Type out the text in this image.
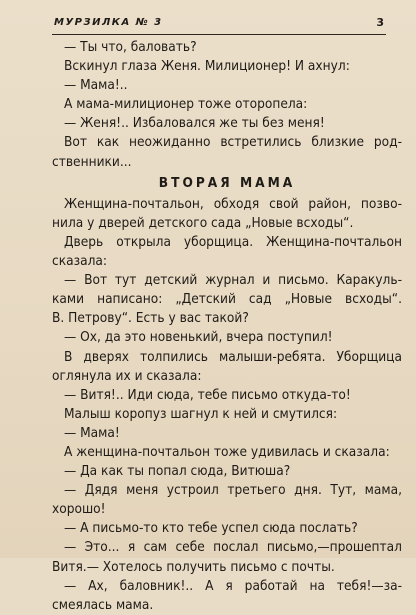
МУРЗИЛКА № 3	3
— Ты что, баловать?
Вскинул глаза Женя. Милиционер! И ахнул:
— Мама!..
А мама-милиционер тоже оторопела:
— Женя!.. Избаловался же ты без меня!
Вот как неожиданно встретились близкие род-
ственники...
ВТОРАЯ МАМА
Женщина-почтальон, обходя свой район, позво-
нила у дверей детского сада „Новые всходы“.
Дверь открыла уборщица. Женщина-почтальон
сказала:
— Вот тут детский журнал и письмо. Каракуль-
ками написано: „Детский сад „Новые всходы“.
В. Петрову“. Есть у вас такой?
— Ох, да это новенький, вчера поступил!
В дверях толпились малыши-ребята. Уборщица
оглянула их и сказала:
— Витя!.. Иди сюда, тебе письмо откуда-то!
Малыш коропуз шагнул к ней и смутился:
— Мама!
А женщина-почтальон тоже удивилась и сказала:
— Да как ты попал сюда, Витюша?
— Дядя меня устроил третьего дня. Тут, мама,
хорошо!
— А письмо-то кто тебе успел сюда послать?
— Это... я сам себе послал письмо,—прошептал
Витя.— Хотелось получить письмо с почты.
— Ах, баловник!.. А я работай на тебя!—за-
смеялась мама.
